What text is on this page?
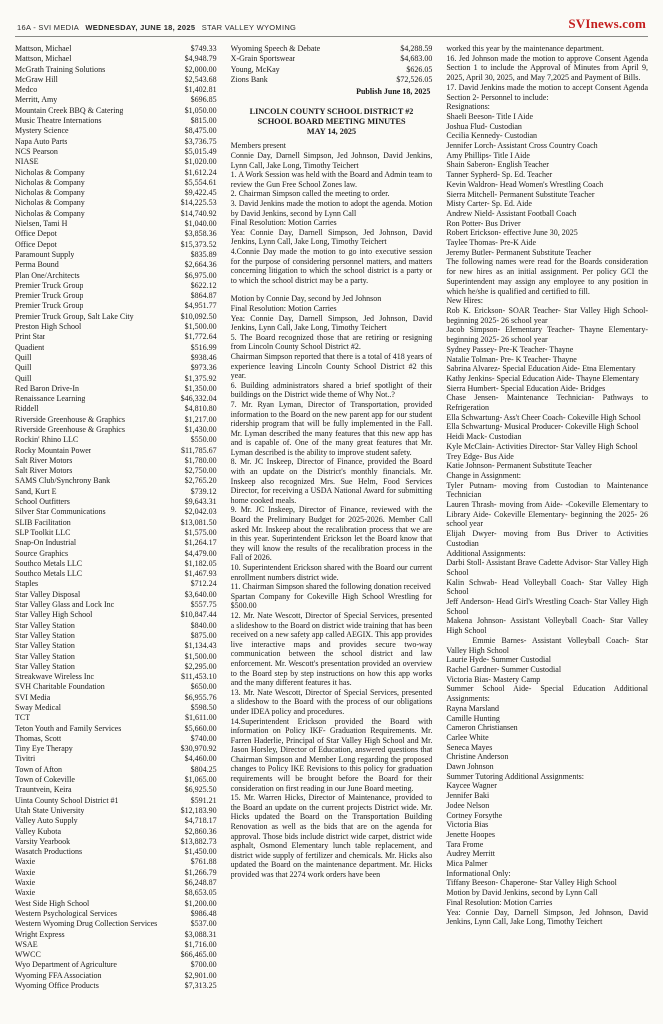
16A - SVI MEDIA WEDNESDAY, JUNE 18, 2025 STAR VALLEY WYOMING	SVInews.com
Mattson, Michael	$749.33
Mattson, Michael	$4,948.79
McGrath Training Solutions	$2,000.00
McGraw Hill	$2,543.68
Medco	$1,402.81
Merritt, Amy	$696.85
Mountain Creek BBQ & Catering	$1,050.00
Music Theatre Internations	$815.00
Mystery Science	$8,475.00
Napa Auto Parts	$3,736.75
NCS Pearson	$5,015.49
NIASE	$1,020.00
Nicholas & Company	$1,612.24
Nicholas & Company	$5,554.61
Nicholas & Company	$9,422.45
Nicholas & Company	$14,225.53
Nicholas & Company	$14,740.92
Nielsen, Tami H	$1,040.00
Office Depot	$3,858.36
Office Depot	$15,373.52
Paramount Supply	$835.89
Perma Bound	$2,664.36
Plan One/Architects	$6,975.00
Premier Truck Group	$622.12
Premier Truck Group	$864.87
Premier Truck Group	$4,951.77
Premier Truck Group, Salt Lake City	$10,092.50
Preston High School	$1,500.00
Print Star	$1,772.64
Quadient	$516.99
Quill	$938.46
Quill	$973.36
Quill	$1,375.92
Red Baron Drive-In	$1,350.00
Renaissance Learning	$46,332.04
Riddell	$4,810.80
Riverside Greenhouse & Graphics	$1,217.00
Riverside Greenhouse & Graphics	$1,430.00
Rockin' Rhino LLC	$550.00
Rocky Mountain Power	$11,785.67
Salt River Motors	$1,780.00
Salt River Motors	$2,750.00
SAMS Club/Synchrony Bank	$2,765.20
Sand, Kurt E	$739.12
School Outfitters	$9,643.31
Silver Star Communications	$2,042.03
SLIB Facilitation	$13,081.50
SLP Toolkit LLC	$1,575.00
Snap-On Industrial	$1,264.17
Source Graphics	$4,479.00
Southco Metals LLC	$1,182.05
Southco Metals LLC	$1,467.93
Staples	$712.24
Star Valley Disposal	$3,640.00
Star Valley Glass and Lock Inc	$557.75
Star Valley High School	$10,847.44
Star Valley Station	$840.00
Star Valley Station	$875.00
Star Valley Station	$1,134.43
Star Valley Station	$1,500.00
Star Valley Station	$2,295.00
Streakwave Wireless Inc	$11,453.10
SVH Charitable Foundation	$650.00
SVI Media	$6,955.76
Sway Medical	$598.50
TCT	$1,611.00
Teton Youth and Family Services	$5,660.00
Thomas, Scott	$740.00
Tiny Eye Therapy	$30,970.92
Tivitri	$4,460.00
Town of Afton	$804.25
Town of Cokeville	$1,065.00
Trauntvein, Keira	$6,925.50
Uinta County School District #1	$591.21
Utah State University	$12,183.90
Valley Auto Supply	$4,718.17
Valley Kubota	$2,860.36
Varsity Yearbook	$13,882.73
Wasatch Productions	$1,450.00
Waxie	$761.88
Waxie	$1,266.79
Waxie	$6,248.87
Waxie	$8,653.05
West Side High School	$1,200.00
Western Psychological Services	$986.48
Western Wyoming Drug Collection Services	$537.00
Wright Express	$3,088.31
WSAE	$1,716.00
WWCC	$66,465.00
Wyo Department of Agriculture	$700.00
Wyoming FFA Association	$2,901.00
Wyoming Office Products	$7,313.25
Wyoming Speech & Debate	$4,288.59
X-Grain Sportswear	$4,683.00
Young, McKay	$626.05
Zions Bank	$72,526.05

Publish June 18, 2025

LINCOLN COUNTY SCHOOL DISTRICT #2
SCHOOL BOARD MEETING MINUTES
MAY 14, 2025

Members present

Connie Day, Darnell Simpson, Jed Johnson, David Jenkins, Lynn Call, Jake Long, Timothy Teichert

1. A Work Session was held with the Board and Admin team to review the Gun Free School Zones law.

2. Chairman Simpson called the meeting to order.

3. David Jenkins made the motion to adopt the agenda. Motion by David Jenkins, second by Lynn Call

Final Resolution: Motion Carries

Yea: Connie Day, Darnell Simpson, Jed Johnson, David Jenkins, Lynn Call, Jake Long, Timothy Teichert

4.Connie Day made the motion to go into executive session for the purpose of considering personnel matters, and matters concerning litigation to which the school district is a party or to which the school district may be a party.

Motion by Connie Day, second by Jed Johnson

Final Resolution: Motion Carries

Yea: Connie Day, Darnell Simpson, Jed Johnson, David Jenkins, Lynn Call, Jake Long, Timothy Teichert

5. The Board recognized those that are retiring or resigning from Lincoln County School District #2.

Chairman Simpson reported that there is a total of 418 years of experience leaving Lincoln County School District #2 this year.

6. Building administrators shared a brief spotlight of their buildings on the District wide theme of Why Not..?

7. Mr. Ryan Lyman, Director of Transportation, provided information to the Board on the new parent app for our student ridership program that will be fully implemented in the Fall. Mr. Lyman described the many features that this new app has and is capable of. One of the many great features that Mr. Lyman described is the ability to improve student safety.

8. Mr. JC Inskeep, Director of Finance, provided the Board with an update on the District's monthly financials. Mr. Inskeep also recognized Mrs. Sue Helm, Food Services Director, for receiving a USDA National Award for submitting home cooked meals.

9. Mr. JC Inskeep, Director of Finance, reviewed with the Board the Preliminary Budget for 2025-2026. Member Call asked Mr. Inskeep about the recalibration process that we are in this year. Superintendent Erickson let the Board know that they will know the results of the recalibration process in the Fall of 2026.

10. Superintendent Erickson shared with the Board our current enrollment numbers district wide.

11. Chairman Simpson shared the following donation received

Spartan Company for Cokeville High School Wrestling for $500.00

12. Mr. Nate Wescott, Director of Special Services, presented a slideshow to the Board on district wide training that has been received on a new safety app called AEGIX. This app provides live interactive maps and provides secure two-way communication between the school district and law enforcement. Mr. Wescott's presentation provided an overview to the Board step by step instructions on how this app works and the many different features it has.

13. Mr. Nate Wescott, Director of Special Services, presented a slideshow to the Board with the process of our obligations under IDEA policy and procedures.

14.Superintendent Erickson provided the Board with information on Policy IKF- Graduation Requirements. Mr. Farren Haderlie, Principal of Star Valley High School and Mr. Jason Horsley, Director of Education, answered questions that Chairman Simpson and Member Long regarding the proposed changes to Policy IKE Revisions to this policy for graduation requirements will be brought before the Board for their consideration on first reading in our June Board meeting.

15. Mr. Warren Hicks, Director of Maintenance, provided to the Board an update on the current projects District wide. Mr. Hicks updated the Board on the Transportation Building Renovation as well as the bids that are on the agenda for approval. Those bids include district wide carpet, district wide asphalt, Osmond Elementary lunch table replacement, and district wide supply of fertilizer and chemicals. Mr. Hicks also updated the Board on the maintenance department. Mr. Hicks provided was that 2274 work orders have been

worked this year by the maintenance department.

16. Jed Johnson made the motion to approve Consent Agenda Section 1 to include the Approval of Minutes from April 9, 2025, April 30, 2025, and May 7,2025 and Payment of Bills.

17. David Jenkins made the motion to accept Consent Agenda Section 2- Personnel to include:

Resignations:

Shaeli Beeson- Title I Aide

Joshua Flud- Custodian

Cecilia Kennedy- Custodian

Jennifer Lorch- Assistant Cross Country Coach

Amy Phillips- Title I Aide

Shain Saberon- English Teacher

Tanner Sypherd- Sp. Ed. Teacher

Kevin Waldron- Head Women's Wrestling Coach

Sierra Mitchell- Permanent Substitute Teacher

Misty Carter- Sp. Ed. Aide

Andrew Nield- Assistant Football Coach

Ron Potter- Bus Driver

Robert Erickson- effective June 30, 2025

Taylee Thomas- Pre-K Aide

Jeremy Butler- Permanent Substitute Teacher

The following names were read for the Boards consideration for new hires as an initial assignment. Per policy GCI the Superintendent may assign any employee to any position in which he/she is qualified and certified to fill.

New Hires:

Rob K. Erickson- SOAR Teacher- Star Valley High School- beginning 2025- 26 school year

Jacob Simpson- Elementary Teacher- Thayne Elementary- beginning 2025- 26 school year

Sydney Passey- Pre-K Teacher- Thayne

Natalie Tolman- Pre- K Teacher- Thayne

Sabrina Alvarez- Special Education Aide- Etna Elementary

Kathy Jenkins- Special Education Aide- Thayne Elementary

Sierra Humbert- Special Education Aide- Bridges

Chase Jensen- Maintenance Technician- Pathways to Refrigeration

Ella Schwartung- Ass't Cheer Coach- Cokeville High School

Ella Schwartung- Musical Producer- Cokeville High School

Heidi Mack- Custodian

Kyle McClain- Activities Director- Star Valley High School

Trey Edge- Bus Aide

Katie Johnson- Permanent Substitute Teacher

Change in Assignment:

Tyler Putnam- moving from Custodian to Maintenance Technician

Lauren Thrash- moving from Aide- -Cokeville Elementary to Library Aide- Cokeville Elementary- beginning the 2025- 26 school year

Elijah Dwyer- moving from Bus Driver to Activities Custodian

Additional Assignments:

Darbi Stoll- Assistant Brave Cadette Advisor- Star Valley High School

Kalin Schwab- Head Volleyball Coach- Star Valley High School

Jeff Anderson- Head Girl's Wrestling Coach- Star Valley High School

Makena Johnson- Assistant Volleyball Coach- Star Valley High School

Emmie Barnes- Assistant Volleyball Coach- Star Valley High School

Laurie Hyde- Summer Custodial

Rachel Gardner- Summer Custodial

Victoria Bias- Mastery Camp

Summer School Aide- Special Education Additional Assignments:

Rayna Marsland

Camille Hunting

Cameron Christiansen

Carlee White

Seneca Mayes

Christine Anderson

Dawn Johnson

Summer Tutoring Additional Assignments:

Kaycee Wagner

Jennifer Baki

Jodee Nelson

Cortney Forsythe

Victoria Bias

Jenette Hoopes

Tara Frome

Audrey Merritt

Mica Palmer

Informational Only:

Tiffany Beeson- Chaperone- Star Valley High School

Motion by David Jenkins, second by Lynn Call

Final Resolution: Motion Carries

Yea: Connie Day, Darnell Simpson, Jed Johnson, David Jenkins, Lynn Call, Jake Long, Timothy Teichert
